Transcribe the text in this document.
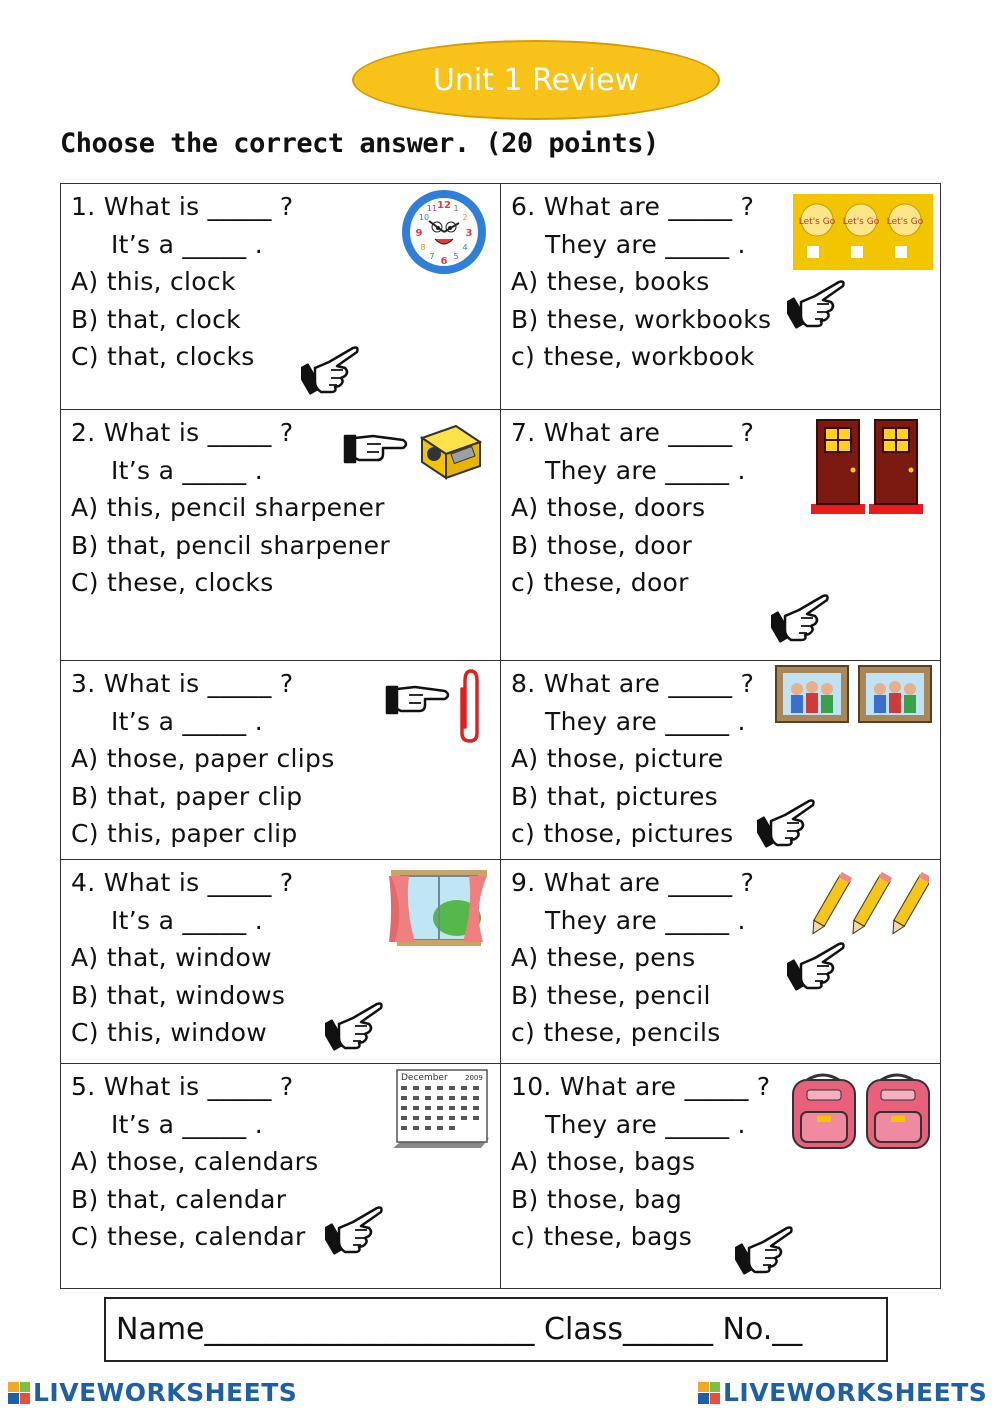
Unit 1 Review
Choose the correct answer. (20 points)
1. What is _____ ?
It’s a _____ .
A) this, clock
B) that, clock
C) that, clocks
12 1
2
3
4
5
6
7
8
9
10
11	6. What are _____ ?
They are _____ .
A) these, books
B) these, workbooks
c) these, workbook
Let's Go Let's Go Let's Go
2. What is _____ ?
It’s a _____ .
A) this, pencil sharpener
B) that, pencil sharpener
C) these, clocks
7. What are _____ ?
They are _____ .
A) those, doors
B) those, door
c) these, door
3. What is _____ ?
It’s a _____ .
A) those, paper clips
B) that, paper clip
C) this, paper clip
8. What are _____ ?
They are _____ .
A) those, picture
B) that, pictures
c) those, pictures
4. What is _____ ?
It’s a _____ .
A) that, window
B) that, windows
C) this, window
9. What are _____ ?
They are _____ .
A) these, pens
B) these, pencil
c) these, pencils
5. What is _____ ?
It’s a _____ .
A) those, calendars
B) that, calendar
C) these, calendar
December 2009 10. What are _____ ?
They are _____ .
A) those, bags
B) those, bag
c) these, bags
Name______________________ Class______ No.__
LIVEWORKSHEETS	LIVEWORKSHEETS
